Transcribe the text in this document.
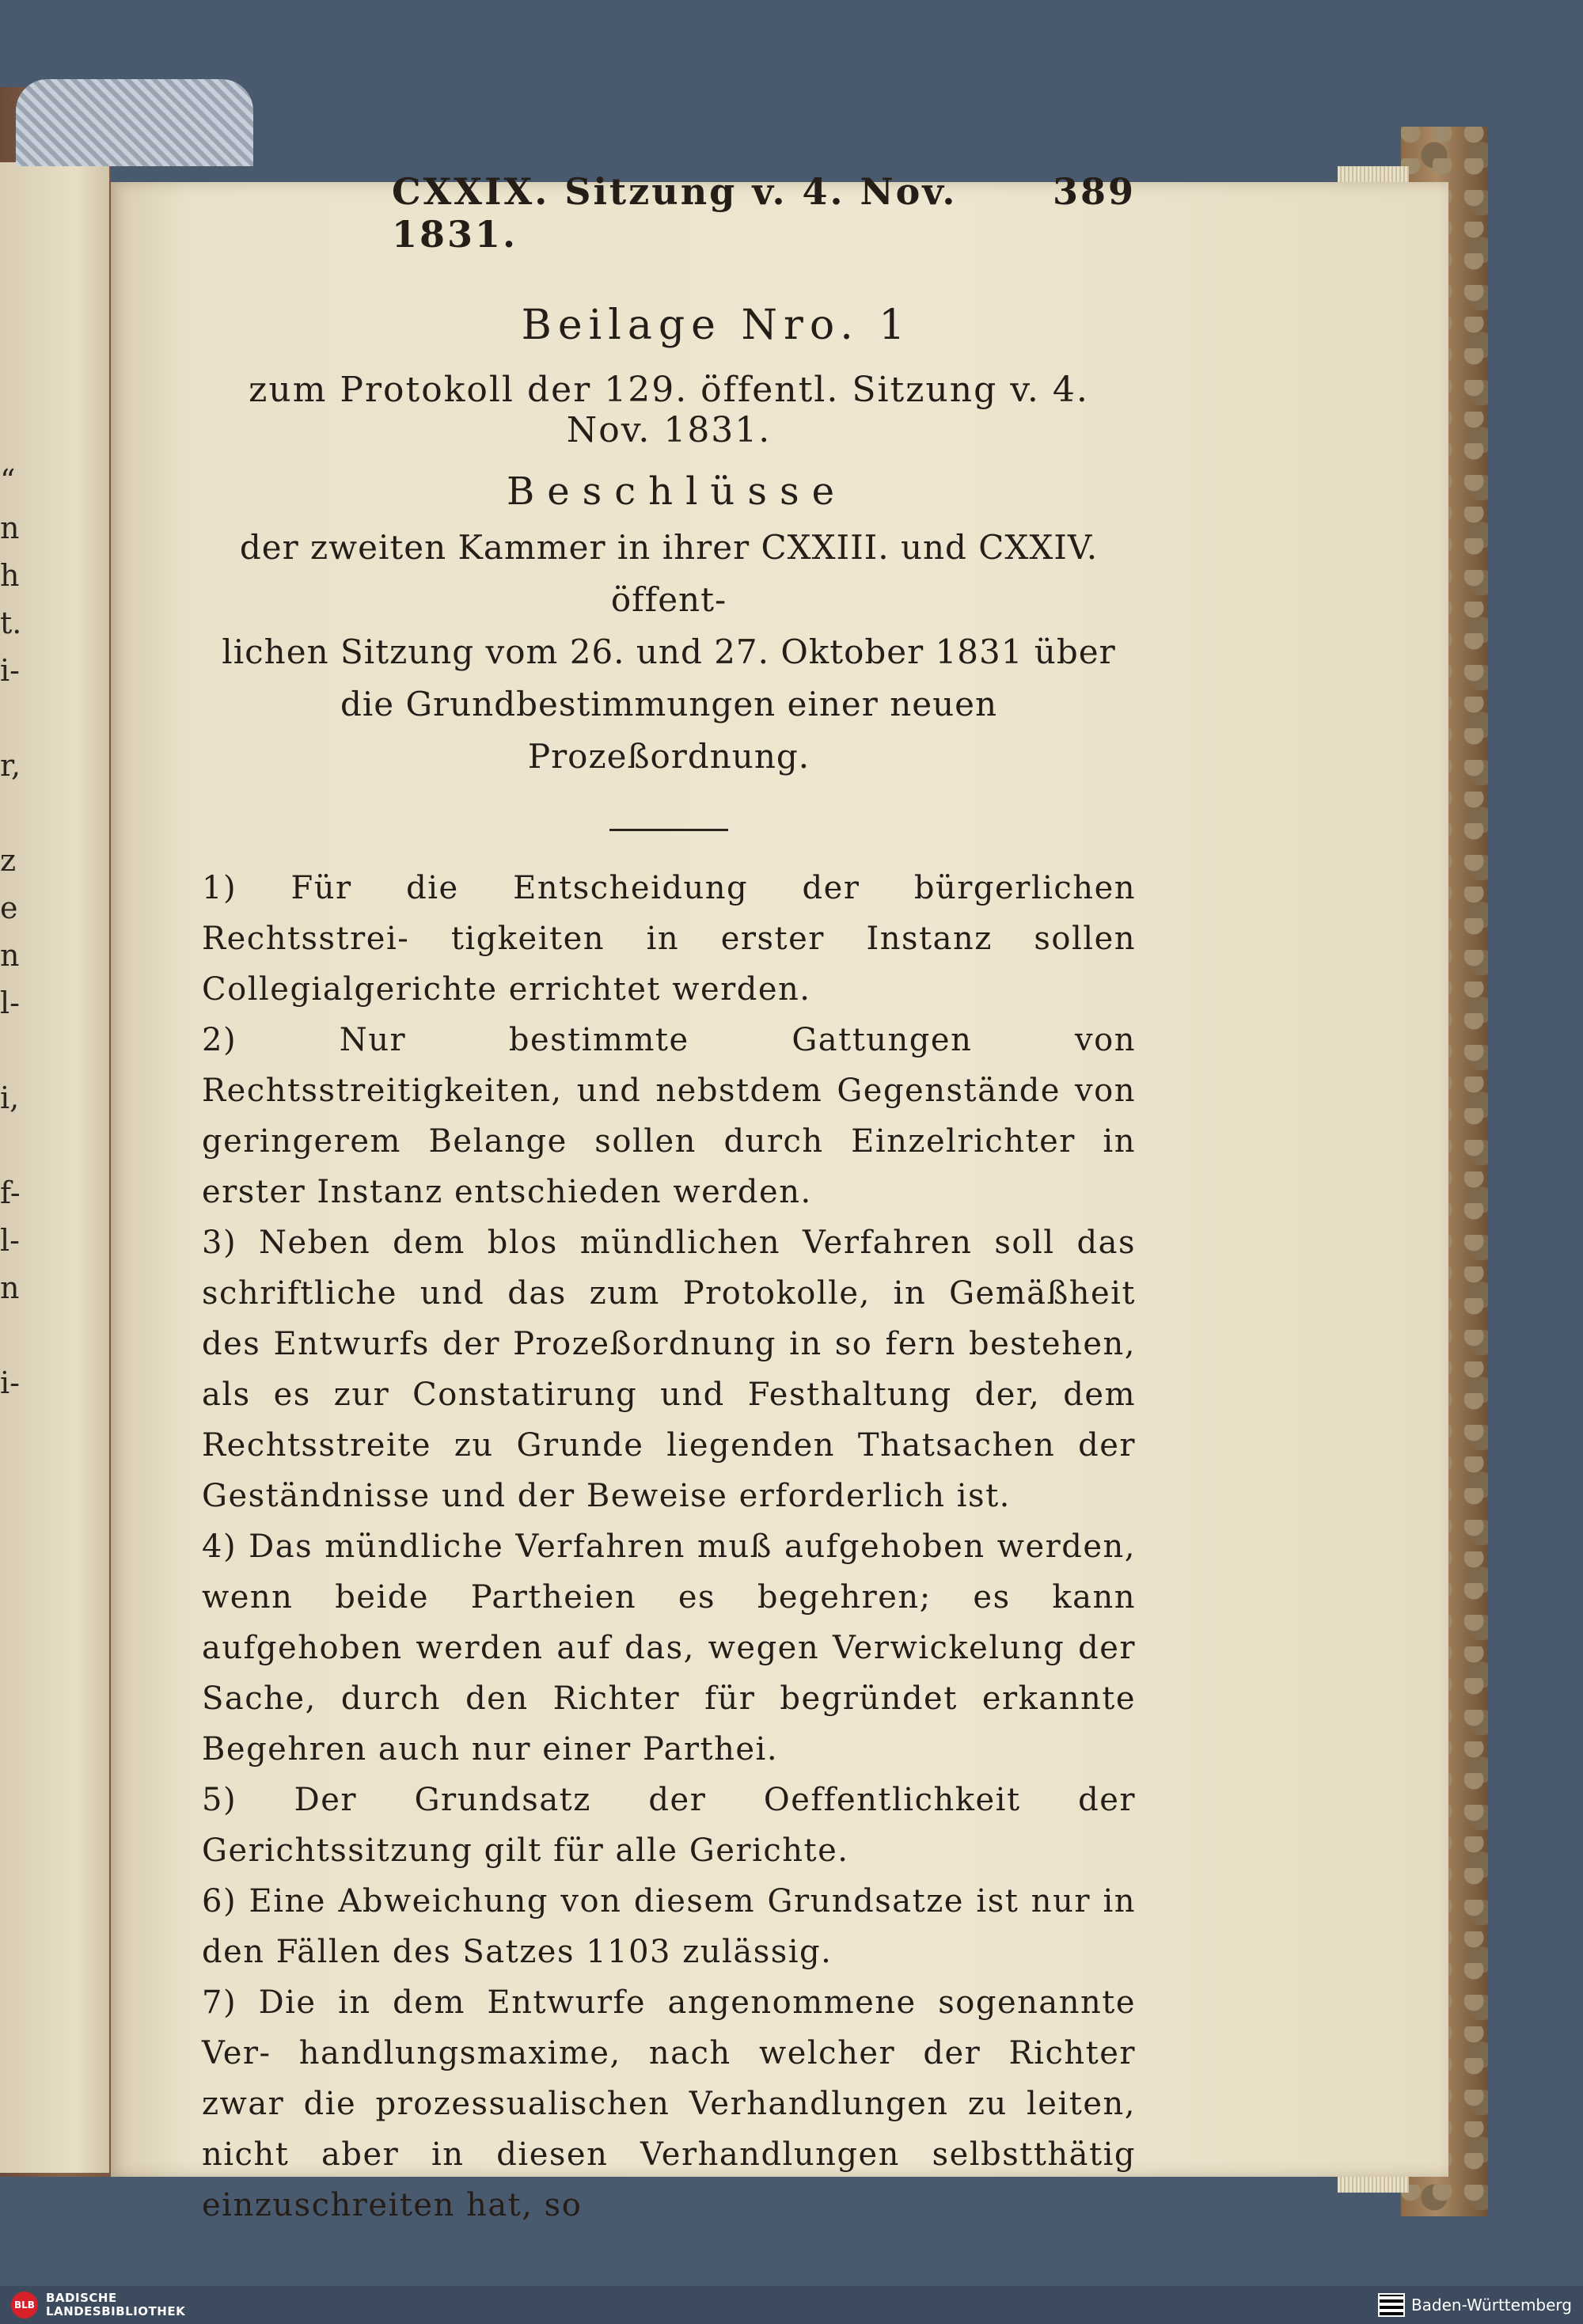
“
n
h
t.
i-
r,
z
e
n
l-
i,
f-
l-
n
i-
CXXIX. Sitzung v. 4. Nov. 1831.
389
Beilage Nro. 1
zum Protokoll der 129. öffentl. Sitzung v. 4. Nov. 1831.
Beschlüsse
der zweiten Kammer in ihrer CXXIII. und CXXIV. öffent-
lichen Sitzung vom 26. und 27. Oktober 1831 über
die Grundbestimmungen einer neuen Prozeßordnung.

1) Für die Entscheidung der bürgerlichen Rechtsstrei- tigkeiten in erster Instanz sollen Collegialgerichte errichtet werden.

2) Nur bestimmte Gattungen von Rechtsstreitigkeiten, und nebstdem Gegenstände von geringerem Belange sollen durch Einzelrichter in erster Instanz entschieden werden.

3) Neben dem blos mündlichen Verfahren soll das schriftliche und das zum Protokolle, in Gemäßheit des Entwurfs der Prozeßordnung in so fern bestehen, als es zur Constatirung und Festhaltung der, dem Rechtsstreite zu Grunde liegenden Thatsachen der Geständnisse und der Beweise erforderlich ist.

4) Das mündliche Verfahren muß aufgehoben werden, wenn beide Partheien es begehren; es kann aufgehoben werden auf das, wegen Verwickelung der Sache, durch den Richter für begründet erkannte Begehren auch nur einer Parthei.

5) Der Grundsatz der Oeffentlichkeit der Gerichtssitzung gilt für alle Gerichte.

6) Eine Abweichung von diesem Grundsatze ist nur in den Fällen des Satzes 1103 zulässig.

7) Die in dem Entwurfe angenommene sogenannte Ver- handlungsmaxime, nach welcher der Richter zwar die prozessualischen Verhandlungen zu leiten, nicht aber in diesen Verhandlungen selbstthätig einzuschreiten hat, so

BLB BADISCHE
LANDESBIBLIOTHEK	Baden-Württemberg
